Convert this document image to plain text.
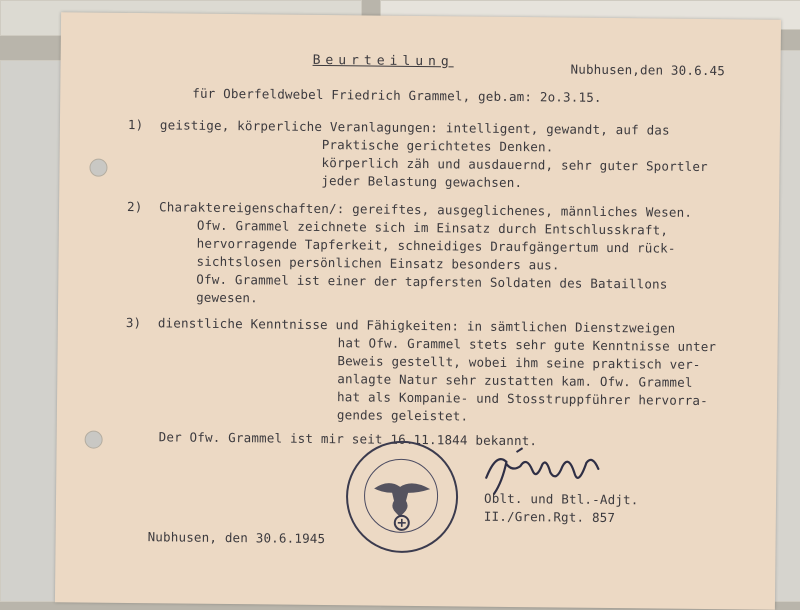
Beurteilung
Nubhusen,den 30.6.45
für Oberfeldwebel Friedrich Grammel, geb.am: 2o.3.15.
1) geistige, körperliche Veranlagungen: intelligent, gewandt, auf das
Praktische gerichtetes Denken.
körperlich zäh und ausdauernd, sehr guter Sportler
jeder Belastung gewachsen.
2) Charaktereigenschaften/: gereiftes, ausgeglichenes, männliches Wesen.
Ofw. Grammel zeichnete sich im Einsatz durch Entschlusskraft,
hervorragende Tapferkeit, schneidiges Draufgängertum und rück-
sichtslosen persönlichen Einsatz besonders aus.
Ofw. Grammel ist einer der tapfersten Soldaten des Bataillons
gewesen.
3) dienstliche Kenntnisse und Fähigkeiten: in sämtlichen Dienstzweigen
hat Ofw. Grammel stets sehr gute Kenntnisse unter
Beweis gestellt, wobei ihm seine praktisch ver-
anlagte Natur sehr zustatten kam. Ofw. Grammel
hat als Kompanie- und Stosstruppführer hervorra-
gendes geleistet.
Der Ofw. Grammel ist mir seit 16.11.1844 bekannt.
Oblt. und Btl.-Adjt.
II./Gren.Rgt. 857
Nubhusen, den 30.6.1945
